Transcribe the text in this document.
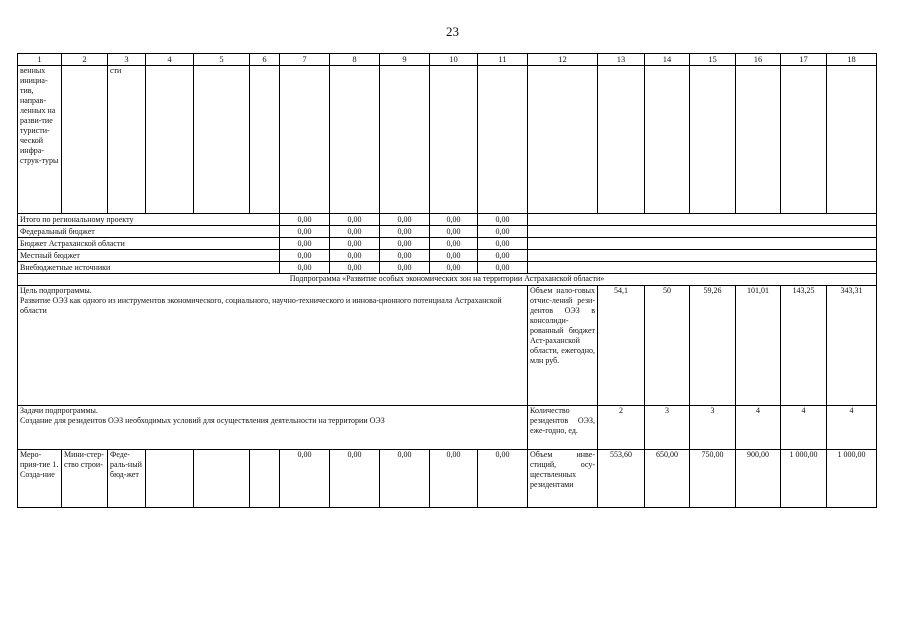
23
1	2	3	4	5	6	7	8	9	10	11	12	13	14	15	16	17	18
венных инициа-тив, направ-ленных на разви-тие туристи-ческой инфра-струк-туры		сти															
Итого по региональному проекту						0,00	0,00	0,00	0,00	0,00							
Федеральный бюджет						0,00	0,00	0,00	0,00	0,00							
Бюджет Астраханской области						0,00	0,00	0,00	0,00	0,00							
Местный бюджет						0,00	0,00	0,00	0,00	0,00							
Внебюджетные источники						0,00	0,00	0,00	0,00	0,00							
Подпрограмма «Развитие особых экономических зон на территории Астраханской области»																	

Цель подпрограммы.
Развитие ОЭЗ как одного из инструментов экономического, социального, научно-технического и иннова-ционного потенциала Астраханской области											Объем нало-говых отчис-лений рези-дентов ОЭЗ в консолиди-рованный бюджет Аст-раханской области, ежегодно, млн руб.	54,1	50	59,26	101,01	143,25	343,31

Задачи подпрограммы.
Создание для резидентов ОЭЗ необходимых условий для осуществления деятельности на территории ОЭЗ											Количество резидентов ОЭЗ, еже-годно, ед.	2	3	3	4	4	4
Меро-прия-тие 1. Созда-ние	Мини-стер-ство строи-	Феде-раль-ный бюд-жет				0,00	0,00	0,00	0,00	0,00	Объем инве-стиций, осу-ществленных резидентами	553,60	650,00	750,00	900,00	1 000,00	1 000,00
